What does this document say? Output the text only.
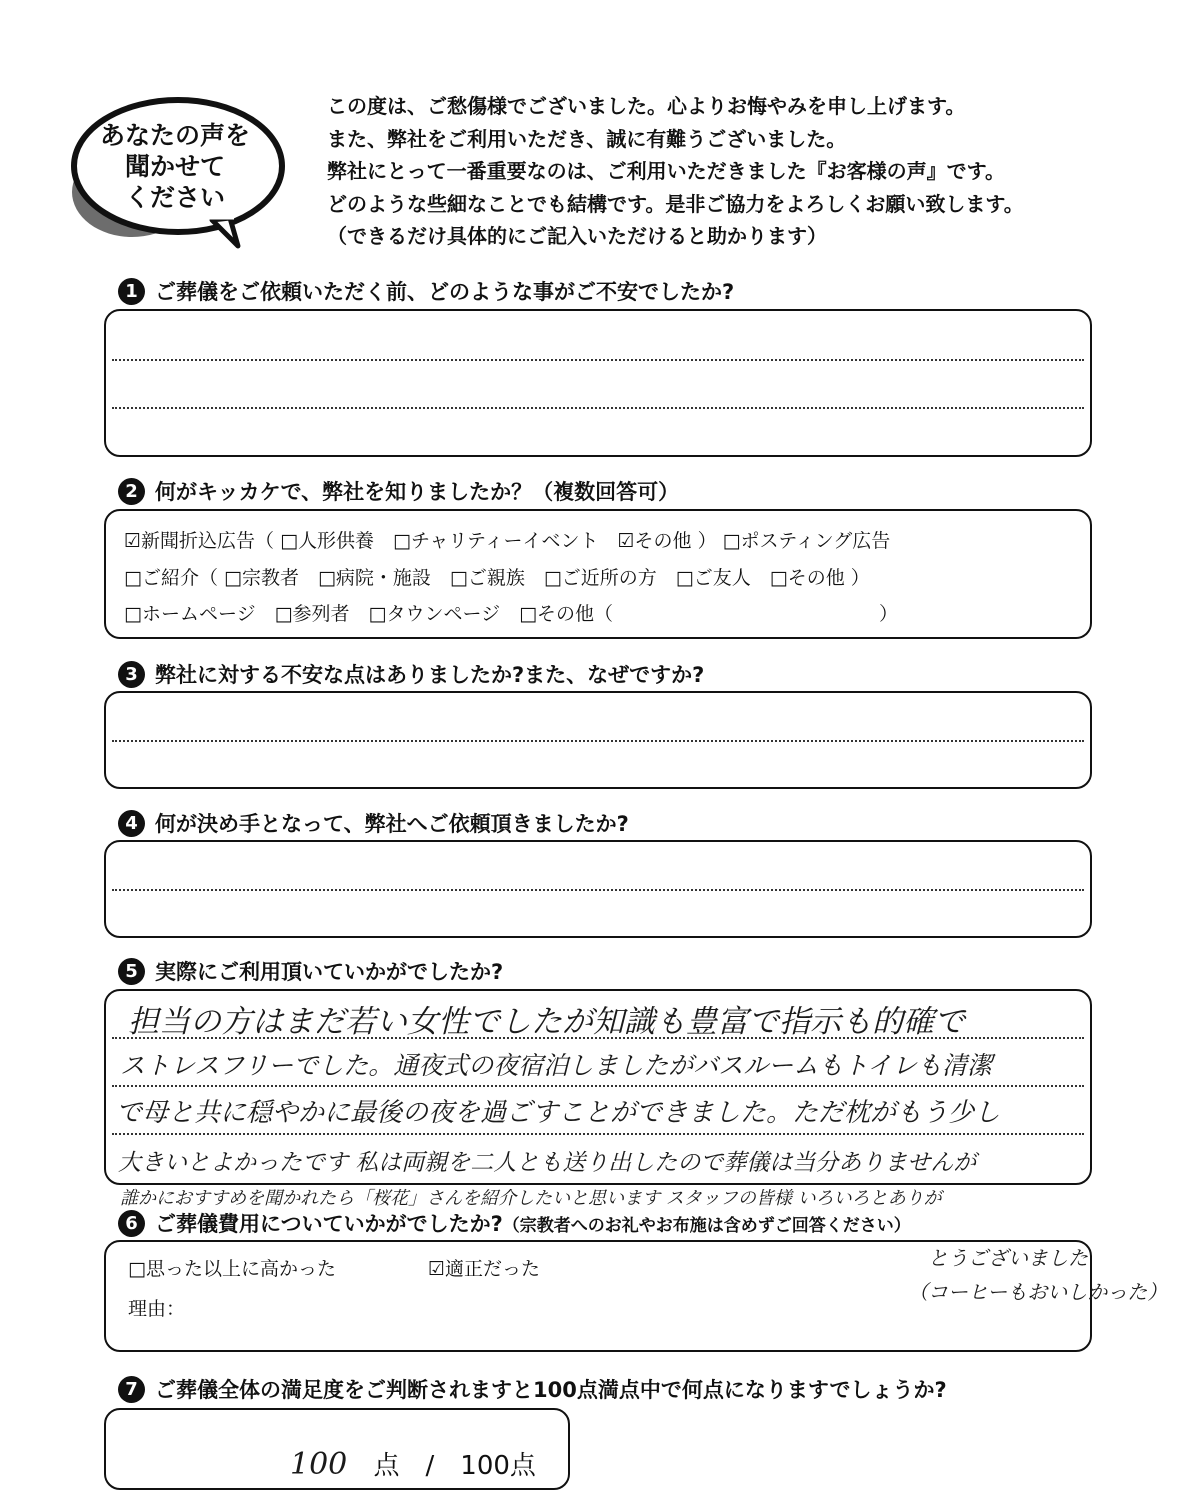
あなたの声を
聞かせて
ください
この度は、ご愁傷様でございました。心よりお悔やみを申し上げます。
また、弊社をご利用いただき、誠に有難うございました。
弊社にとって一番重要なのは、ご利用いただきました『お客様の声』です。
どのような些細なことでも結構です。是非ご協力をよろしくお願い致します。
（できるだけ具体的にご記入いただけると助かります）
1 ご葬儀をご依頼いただく前、どのような事がご不安でしたか?
2 何がキッカケで、弊社を知りましたか？（複数回答可）
☑新聞折込広告（ □人形供養　□チャリティーイベント　☑その他 ） □ポスティング広告
□ご紹介（ □宗教者　□病院・施設　□ご親族　□ご近所の方　□ご友人　□その他 ）
□ホームページ　□参列者　□タウンページ　□その他（　　　　　　　　　　　　　　）
3 弊社に対する不安な点はありましたか?また、なぜですか?
4 何が決め手となって、弊社へご依頼頂きましたか?
5 実際にご利用頂いていかがでしたか?
担当の方はまだ若い女性でしたが知識も豊富で指示も的確で
ストレスフリーでした。通夜式の夜宿泊しましたがバスルームもトイレも清潔
で母と共に穏やかに最後の夜を過ごすことができました。ただ枕がもう少し
大きいとよかったです 私は両親を二人とも送り出したので葬儀は当分ありませんが
誰かにおすすめを聞かれたら「桜花」さんを紹介したいと思います スタッフの皆様 いろいろとありが
6 ご葬儀費用についていかがでしたか? （宗教者へのお礼やお布施は含めずご回答ください）
□思った以上に高かった	☑適正だった
理由：
とうございました
（コーヒーもおいしかった）
7 ご葬儀全体の満足度をご判断されますと100点満点中で何点になりますでしょうか?
100 点　/　100点
